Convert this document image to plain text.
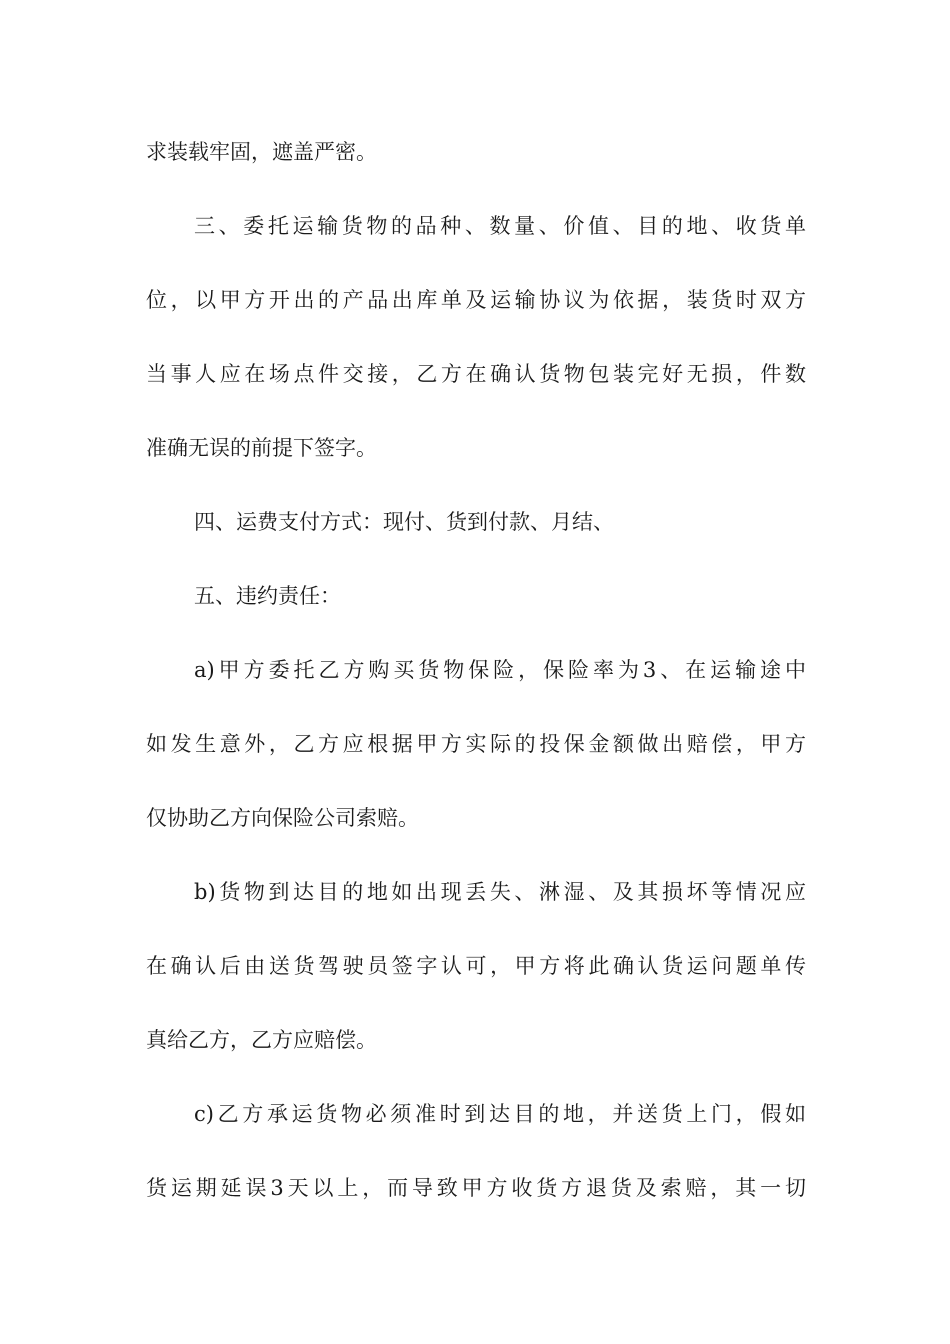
求装载牢固，遮盖严密。
三、委托运输货物的品种、数量、价值、目的地、收货单
位，以甲方开出的产品出库单及运输协议为依据，装货时双方
当事人应在场点件交接，乙方在确认货物包装完好无损，件数
准确无误的前提下签字。
四、运费支付方式：现付、货到付款、月结、
五、违约责任：
a)甲方委托乙方购买货物保险，保险率为3、在运输途中
如发生意外，乙方应根据甲方实际的投保金额做出赔偿，甲方
仅协助乙方向保险公司索赔。
b)货物到达目的地如出现丢失、淋湿、及其损坏等情况应
在确认后由送货驾驶员签字认可，甲方将此确认货运问题单传
真给乙方，乙方应赔偿。
c)乙方承运货物必须准时到达目的地，并送货上门，假如
货运期延误3天以上，而导致甲方收货方退货及索赔，其一切
